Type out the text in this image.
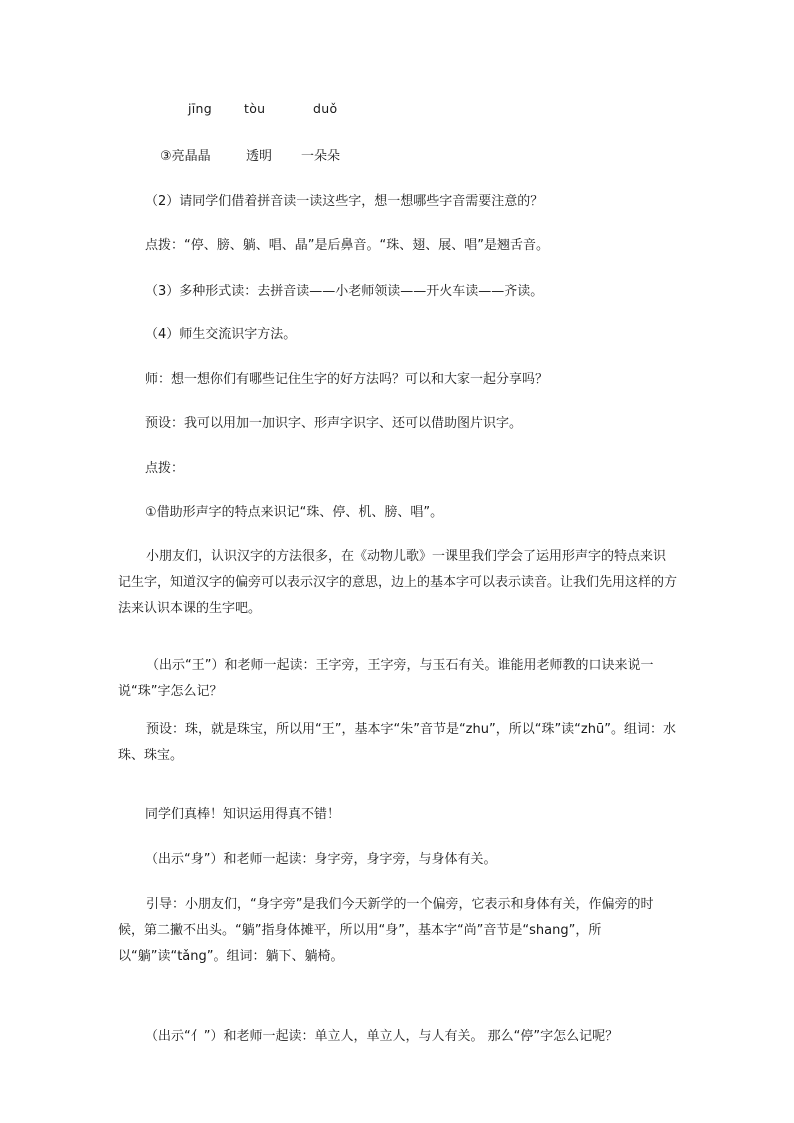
jīng	tòu	duǒ
③亮晶晶	透明 一朵朵
（2）请同学们借着拼音读一读这些字，想一想哪些字音需要注意的？
点拨：“停、膀、躺、唱、晶”是后鼻音。“珠、翅、展、唱”是翘舌音。
（3）多种形式读：去拼音读——小老师领读——开火车读——齐读。
（4）师生交流识字方法。
师：想一想你们有哪些记住生字的好方法吗？可以和大家一起分享吗？
预设：我可以用加一加识字、形声字识字、还可以借助图片识字。
点拨：
①借助形声字的特点来识记“珠、停、机、膀、唱”。
小朋友们，认识汉字的方法很多，在《动物儿歌》一课里我们学会了运用形声字的特点来识记生字，知道汉字的偏旁可以表示汉字的意思，边上的基本字可以表示读音。让我们先用这样的方法来认识本课的生字吧。
（出示“王”）和老师一起读：王字旁，王字旁，与玉石有关。谁能用老师教的口诀来说一说“珠”字怎么记？
预设：珠，就是珠宝，所以用“王”，基本字“朱”音节是“zhu”，所以“珠”读“zhū”。组词：水珠、珠宝。
同学们真棒！知识运用得真不错！
（出示“身”）和老师一起读：身字旁，身字旁，与身体有关。
引导：小朋友们，“身字旁”是我们今天新学的一个偏旁，它表示和身体有关，作偏旁的时候，第二撇不出头。“躺”指身体摊平，所以用“身”，基本字“尚”音节是“shang”，所以“躺”读“tǎng”。组词：躺下、躺椅。
（出示“亻”）和老师一起读：单立人，单立人，与人有关。 那么“停”字怎么记呢？
